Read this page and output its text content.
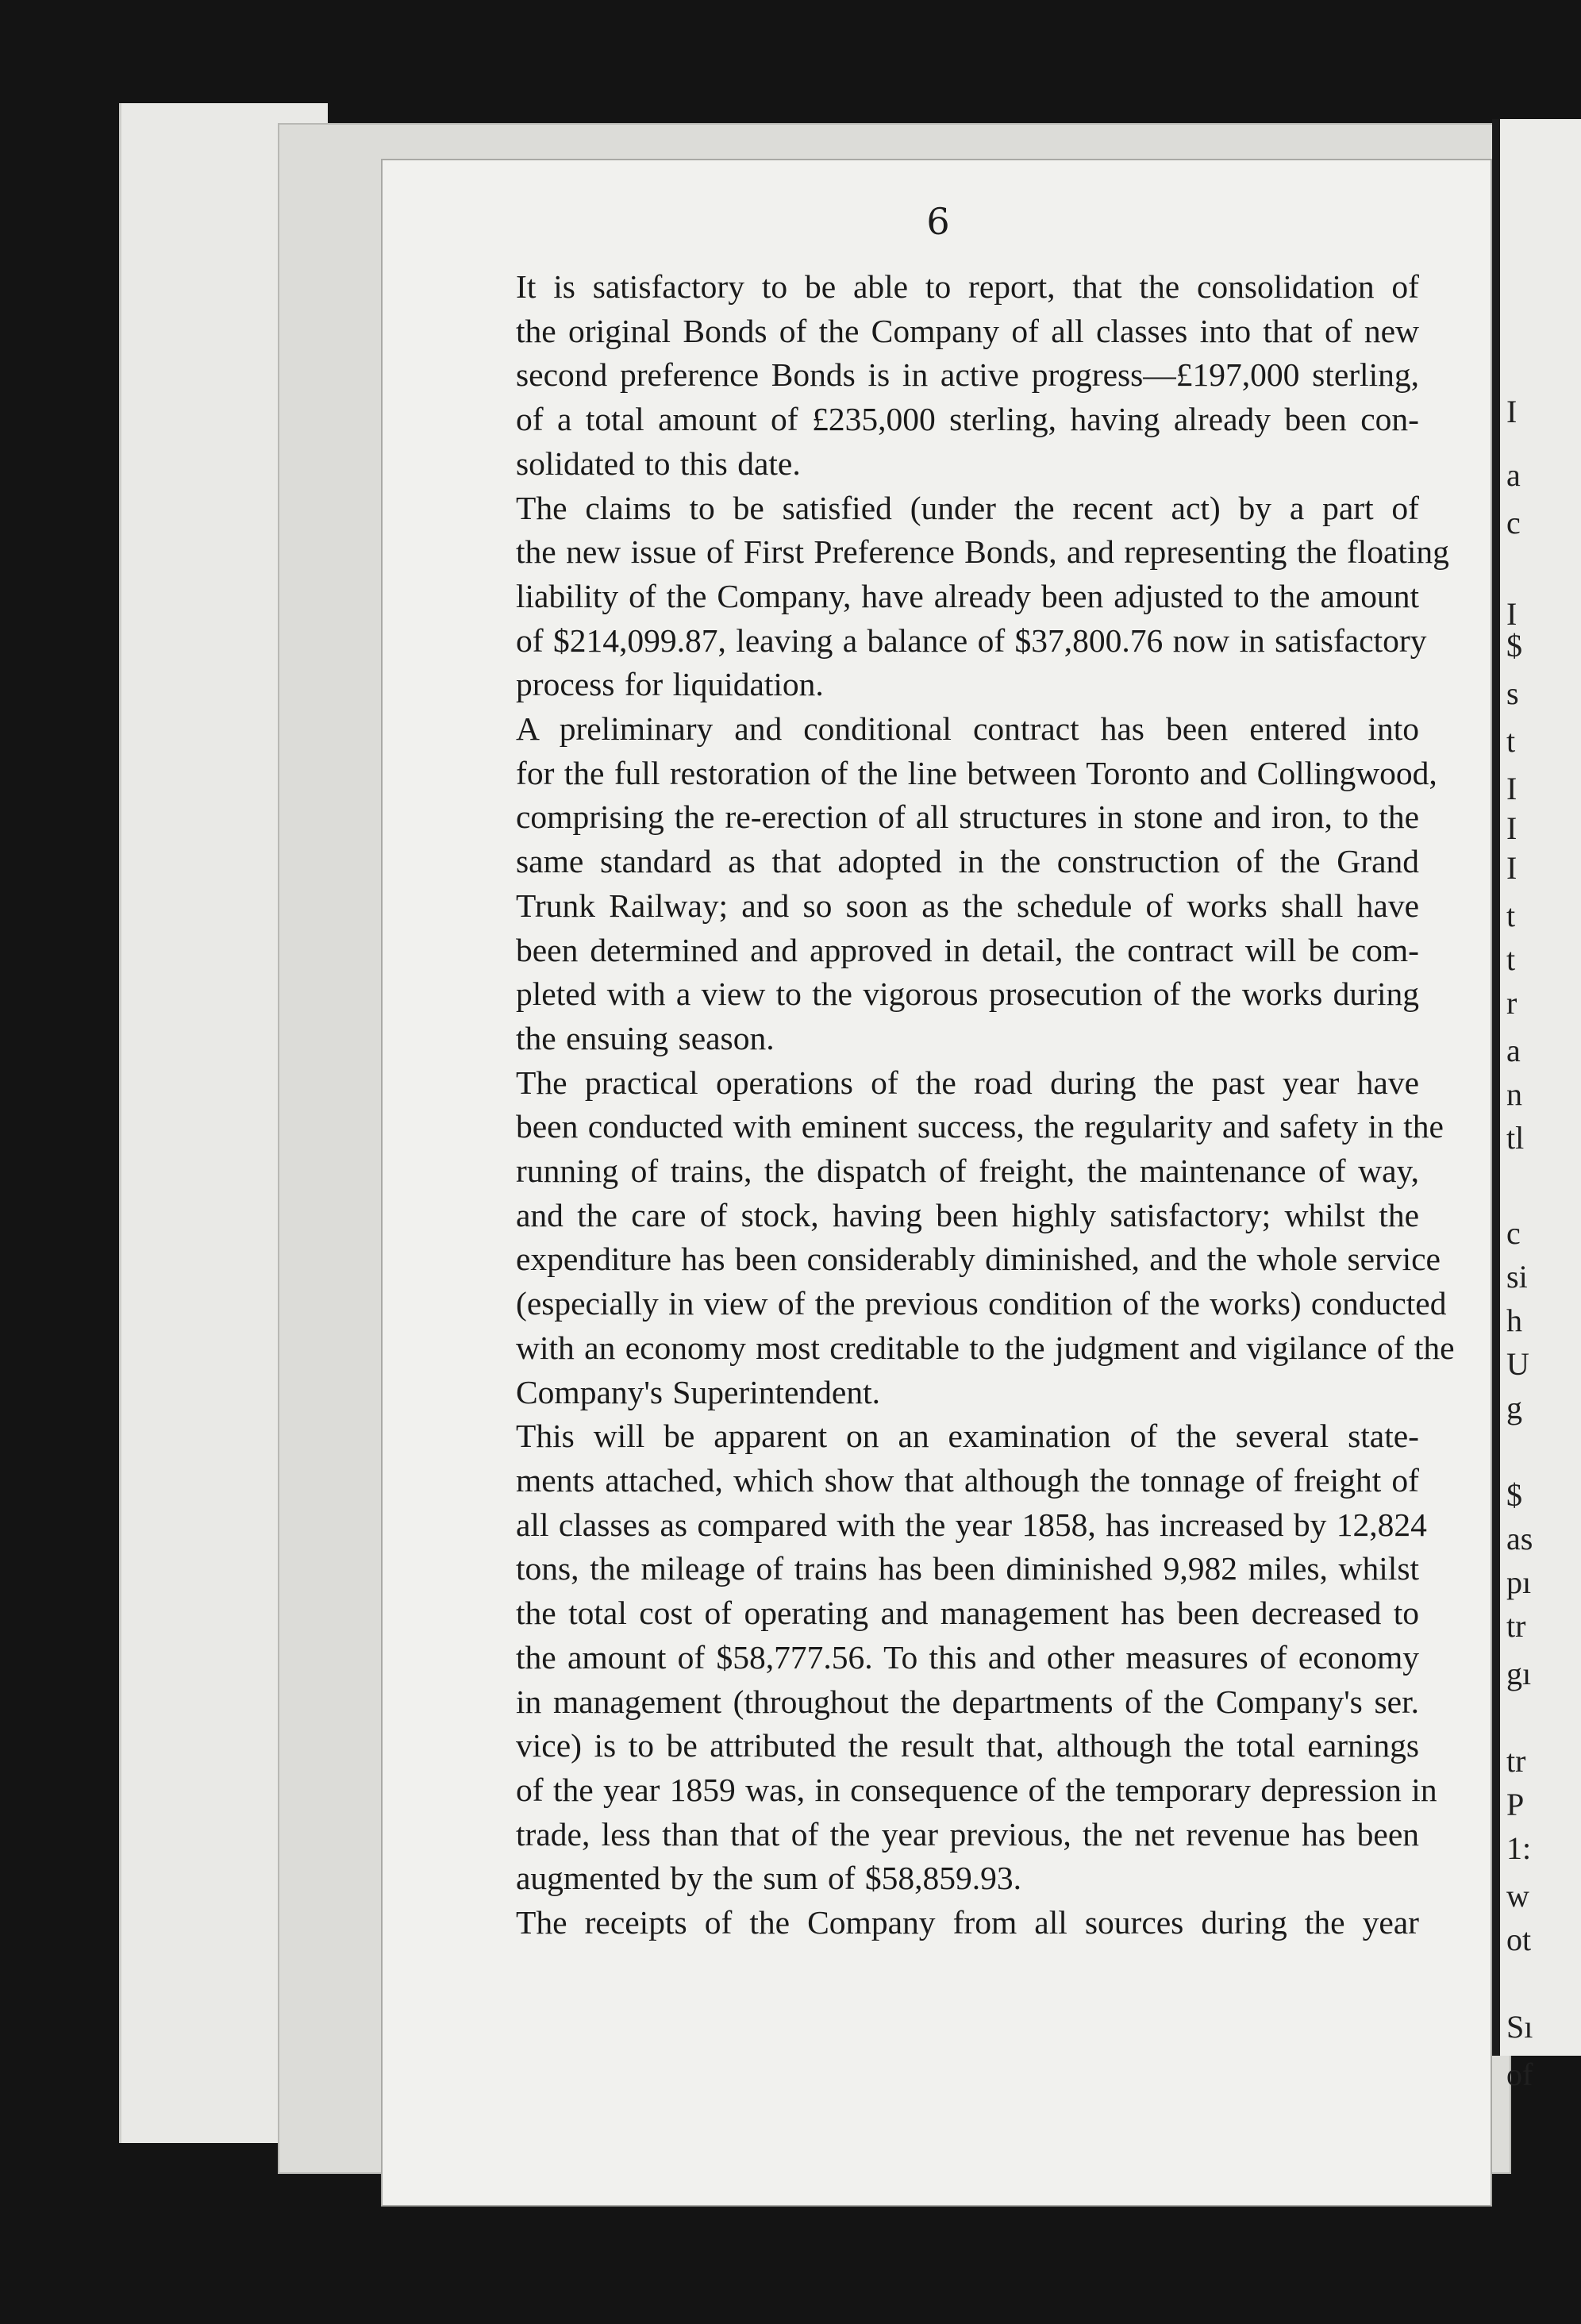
6
It is satisfactory to be able to report, that the consolidation of
the original Bonds of the Company of all classes into that of new
second preference Bonds is in active progress—£197,000 sterling,
of a total amount of £235,000 sterling, having already been con-
solidated to this date.
The claims to be satisfied (under the recent act) by a part of
the new issue of First Preference Bonds, and representing the floating
liability of the Company, have already been adjusted to the amount
of $214,099.87, leaving a balance of $37,800.76 now in satisfactory
process for liquidation.
A preliminary and conditional contract has been entered into
for the full restoration of the line between Toronto and Collingwood,
comprising the re-erection of all structures in stone and iron, to the
same standard as that adopted in the construction of the Grand
Trunk Railway; and so soon as the schedule of works shall have
been determined and approved in detail, the contract will be com-
pleted with a view to the vigorous prosecution of the works during
the ensuing season.
The practical operations of the road during the past year have
been conducted with eminent success, the regularity and safety in the
running of trains, the dispatch of freight, the maintenance of way,
and the care of stock, having been highly satisfactory; whilst the
expenditure has been considerably diminished, and the whole service
(especially in view of the previous condition of the works) conducted
with an economy most creditable to the judgment and vigilance of the
Company's Superintendent.
This will be apparent on an examination of the several state-
ments attached, which show that although the tonnage of freight of
all classes as compared with the year 1858, has increased by 12,824
tons, the mileage of trains has been diminished 9,982 miles, whilst
the total cost of operating and management has been decreased to
the amount of $58,777.56. To this and other measures of economy
in management (throughout the departments of the Company's ser.
vice) is to be attributed the result that, although the total earnings
of the year 1859 was, in consequence of the temporary depression in
trade, less than that of the year previous, the net revenue has been
augmented by the sum of $58,859.93.
The receipts of the Company from all sources during the year
I
a
c
I
$
s
t
I
I
I
t
t
r
a
n
tl
c
si
h
U
g
$
as
pı
tr
gı
tr
P
1:
w
ot
Sı
of
